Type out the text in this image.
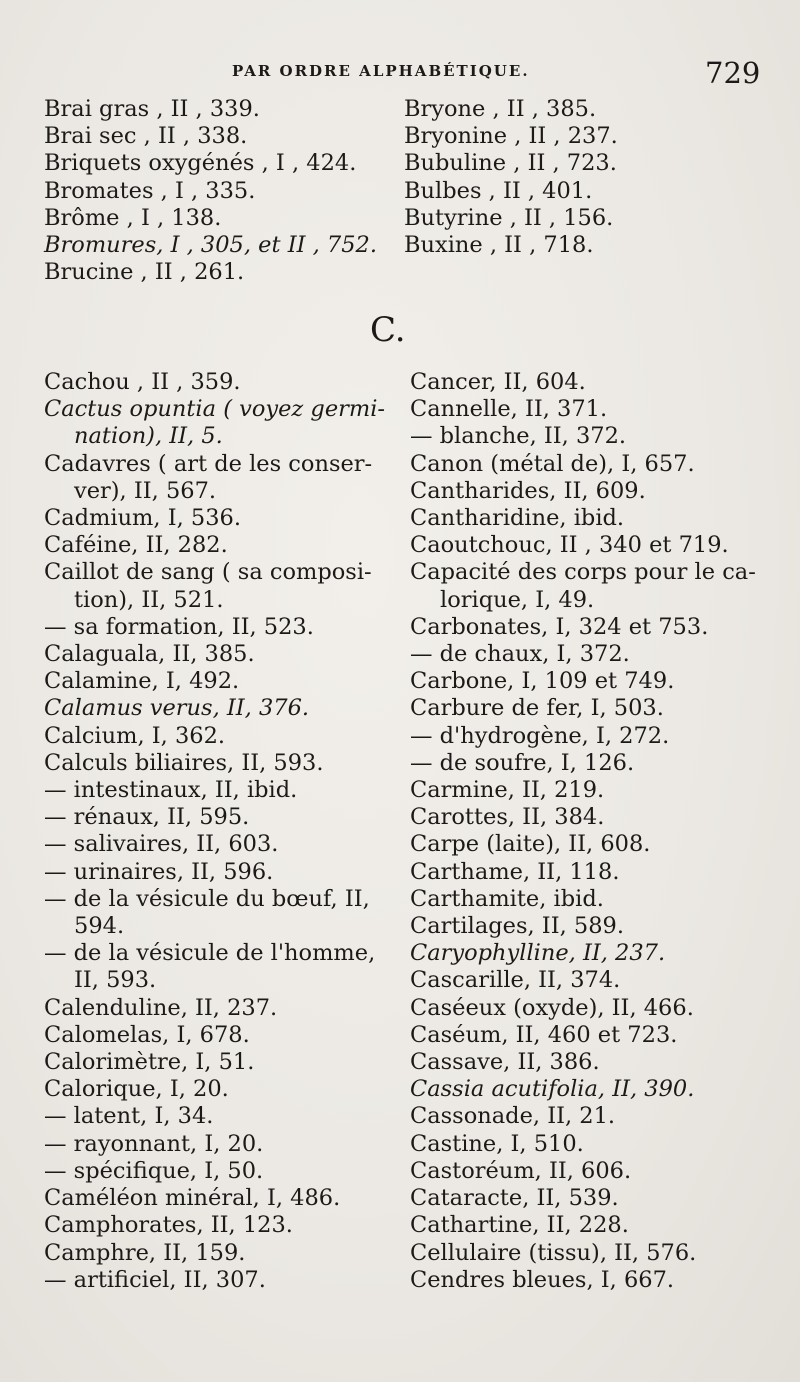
PAR ORDRE ALPHABÉTIQUE.	729
Brai gras , II , 339.
Brai sec , II , 338.
Briquets oxygénés , I , 424.
Bromates , I , 335.
Brôme , I , 138.
Bromures, I , 305, et II , 752.
Brucine , II , 261.
Bryone , II , 385.
Bryonine , II , 237.
Bubuline , II , 723.
Bulbes , II , 401.
Butyrine , II , 156.
Buxine , II , 718.
C.
Cachou , II , 359.
Cactus opuntia ( voyez germi-
nation), II, 5.
Cadavres ( art de les conser-
ver), II, 567.
Cadmium, I, 536.
Caféine, II, 282.
Caillot de sang ( sa composi-
tion), II, 521.
— sa formation, II, 523.
Calaguala, II, 385.
Calamine, I, 492.
Calamus verus, II, 376.
Calcium, I, 362.
Calculs biliaires, II, 593.
— intestinaux, II, ibid.
— rénaux, II, 595.
— salivaires, II, 603.
— urinaires, II, 596.
— de la vésicule du bœuf, II,
594.
— de la vésicule de l'homme,
II, 593.
Calenduline, II, 237.
Calomelas, I, 678.
Calorimètre, I, 51.
Calorique, I, 20.
— latent, I, 34.
— rayonnant, I, 20.
— spécifique, I, 50.
Caméléon minéral, I, 486.
Camphorates, II, 123.
Camphre, II, 159.
— artificiel, II, 307.
Cancer, II, 604.
Cannelle, II, 371.
— blanche, II, 372.
Canon (métal de), I, 657.
Cantharides, II, 609.
Cantharidine, ibid.
Caoutchouc, II , 340 et 719.
Capacité des corps pour le ca-
lorique, I, 49.
Carbonates, I, 324 et 753.
— de chaux, I, 372.
Carbone, I, 109 et 749.
Carbure de fer, I, 503.
— d'hydrogène, I, 272.
— de soufre, I, 126.
Carmine, II, 219.
Carottes, II, 384.
Carpe (laite), II, 608.
Carthame, II, 118.
Carthamite, ibid.
Cartilages, II, 589.
Caryophylline, II, 237.
Cascarille, II, 374.
Caséeux (oxyde), II, 466.
Caséum, II, 460 et 723.
Cassave, II, 386.
Cassia acutifolia, II, 390.
Cassonade, II, 21.
Castine, I, 510.
Castoréum, II, 606.
Cataracte, II, 539.
Cathartine, II, 228.
Cellulaire (tissu), II, 576.
Cendres bleues, I, 667.
